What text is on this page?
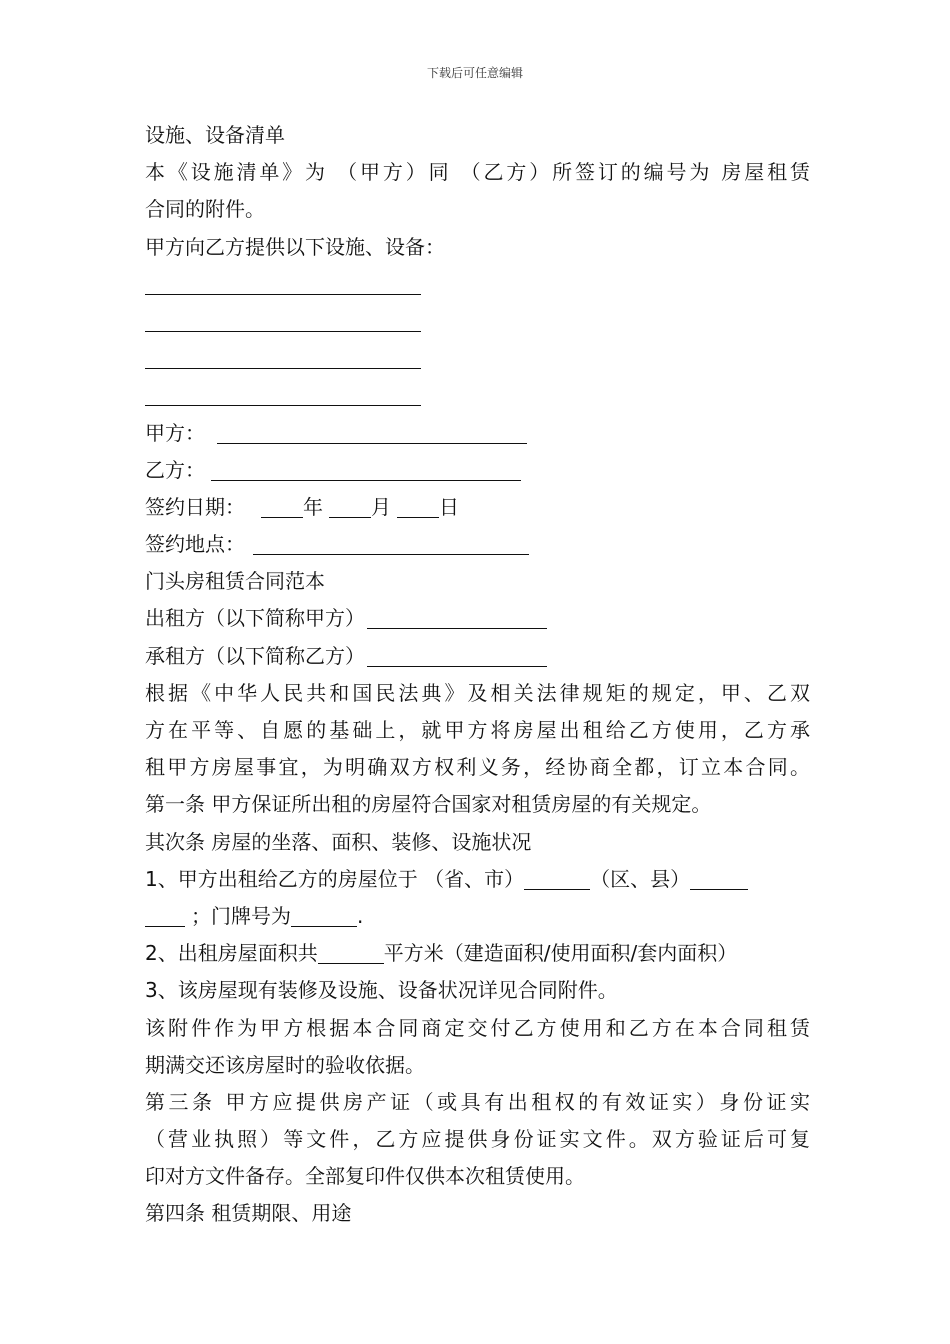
下载后可任意编辑
设施、设备清单
本《设施清单》为 （甲方）同 （乙方）所签订的编号为 房屋租赁
合同的附件。
甲方向乙方提供以下设施、设备：
甲方：
乙方：
签约日期：	年 月 日
签约地点：
门头房租赁合同范本
出租方（以下简称甲方）
承租方（以下简称乙方）
根据《中华人民共和国民法典》及相关法律规矩的规定，甲、乙双
方在平等、自愿的基础上，就甲方将房屋出租给乙方使用，乙方承
租甲方房屋事宜，为明确双方权利义务，经协商全都，订立本合同。
第一条 甲方保证所出租的房屋符合国家对租赁房屋的有关规定。
其次条 房屋的坐落、面积、装修、设施状况
1、甲方出租给乙方的房屋位于 （省、市）	（区、县）
；门牌号为	.
2、出租房屋面积共	平方米（建造面积/使用面积/套内面积）
3、该房屋现有装修及设施、设备状况详见合同附件。
该附件作为甲方根据本合同商定交付乙方使用和乙方在本合同租赁
期满交还该房屋时的验收依据。
第三条 甲方应提供房产证（或具有出租权的有效证实）身份证实
（营业执照）等文件，乙方应提供身份证实文件。双方验证后可复
印对方文件备存。全部复印件仅供本次租赁使用。
第四条 租赁期限、用途
